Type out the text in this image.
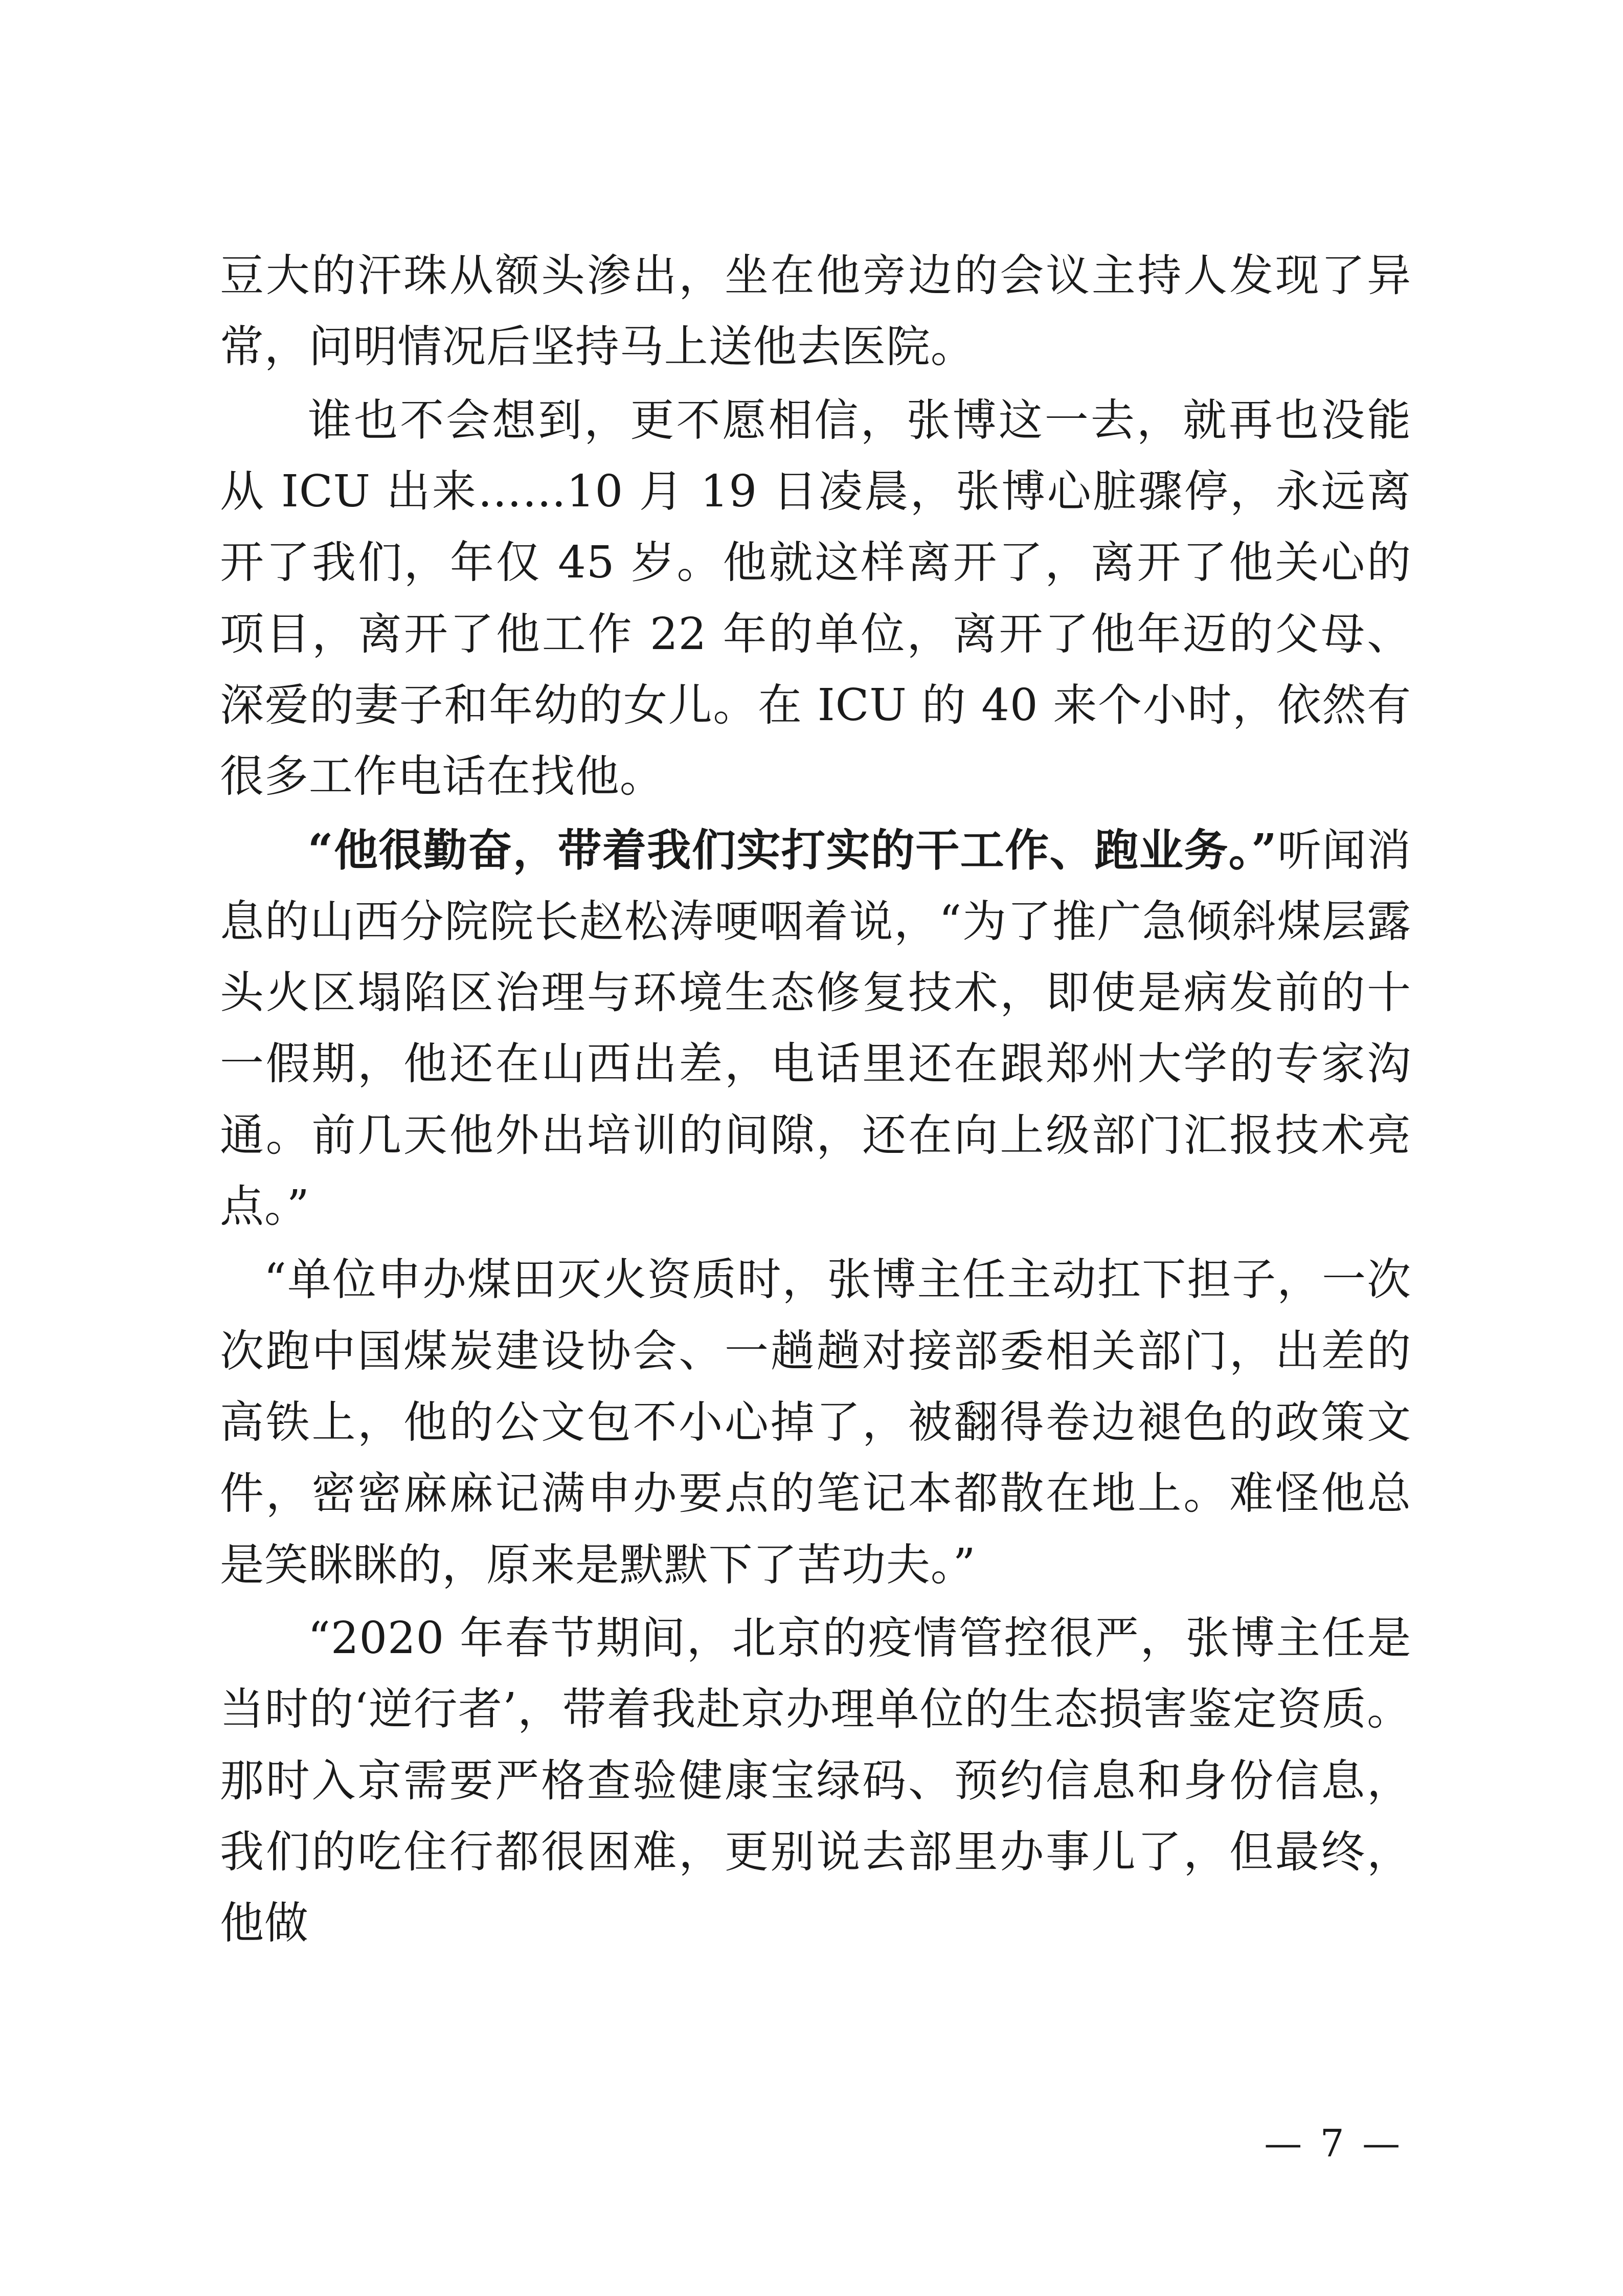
豆大的汗珠从额头渗出，坐在他旁边的会议主持人发现了异常，问明情况后坚持马上送他去医院。

谁也不会想到，更不愿相信，张博这一去，就再也没能从 ICU 出来……10 月 19 日凌晨，张博心脏骤停，永远离开了我们，年仅 45 岁。他就这样离开了，离开了他关心的项目，离开了他工作 22 年的单位，离开了他年迈的父母、深爱的妻子和年幼的女儿。在 ICU 的 40 来个小时，依然有很多工作电话在找他。

“他很勤奋，带着我们实打实的干工作、跑业务。”听闻消息的山西分院院长赵松涛哽咽着说，“为了推广急倾斜煤层露头火区塌陷区治理与环境生态修复技术，即使是病发前的十一假期，他还在山西出差，电话里还在跟郑州大学的专家沟通。前几天他外出培训的间隙，还在向上级部门汇报技术亮点。”

“单位申办煤田灭火资质时，张博主任主动扛下担子，一次次跑中国煤炭建设协会、一趟趟对接部委相关部门，出差的高铁上，他的公文包不小心掉了，被翻得卷边褪色的政策文件，密密麻麻记满申办要点的笔记本都散在地上。难怪他总是笑眯眯的，原来是默默下了苦功夫。”

“2020 年春节期间，北京的疫情管控很严，张博主任是当时的‘逆行者’，带着我赴京办理单位的生态损害鉴定资质。那时入京需要严格查验健康宝绿码、预约信息和身份信息，我们的吃住行都很困难，更别说去部里办事儿了，但最终，他做

— 7 —
